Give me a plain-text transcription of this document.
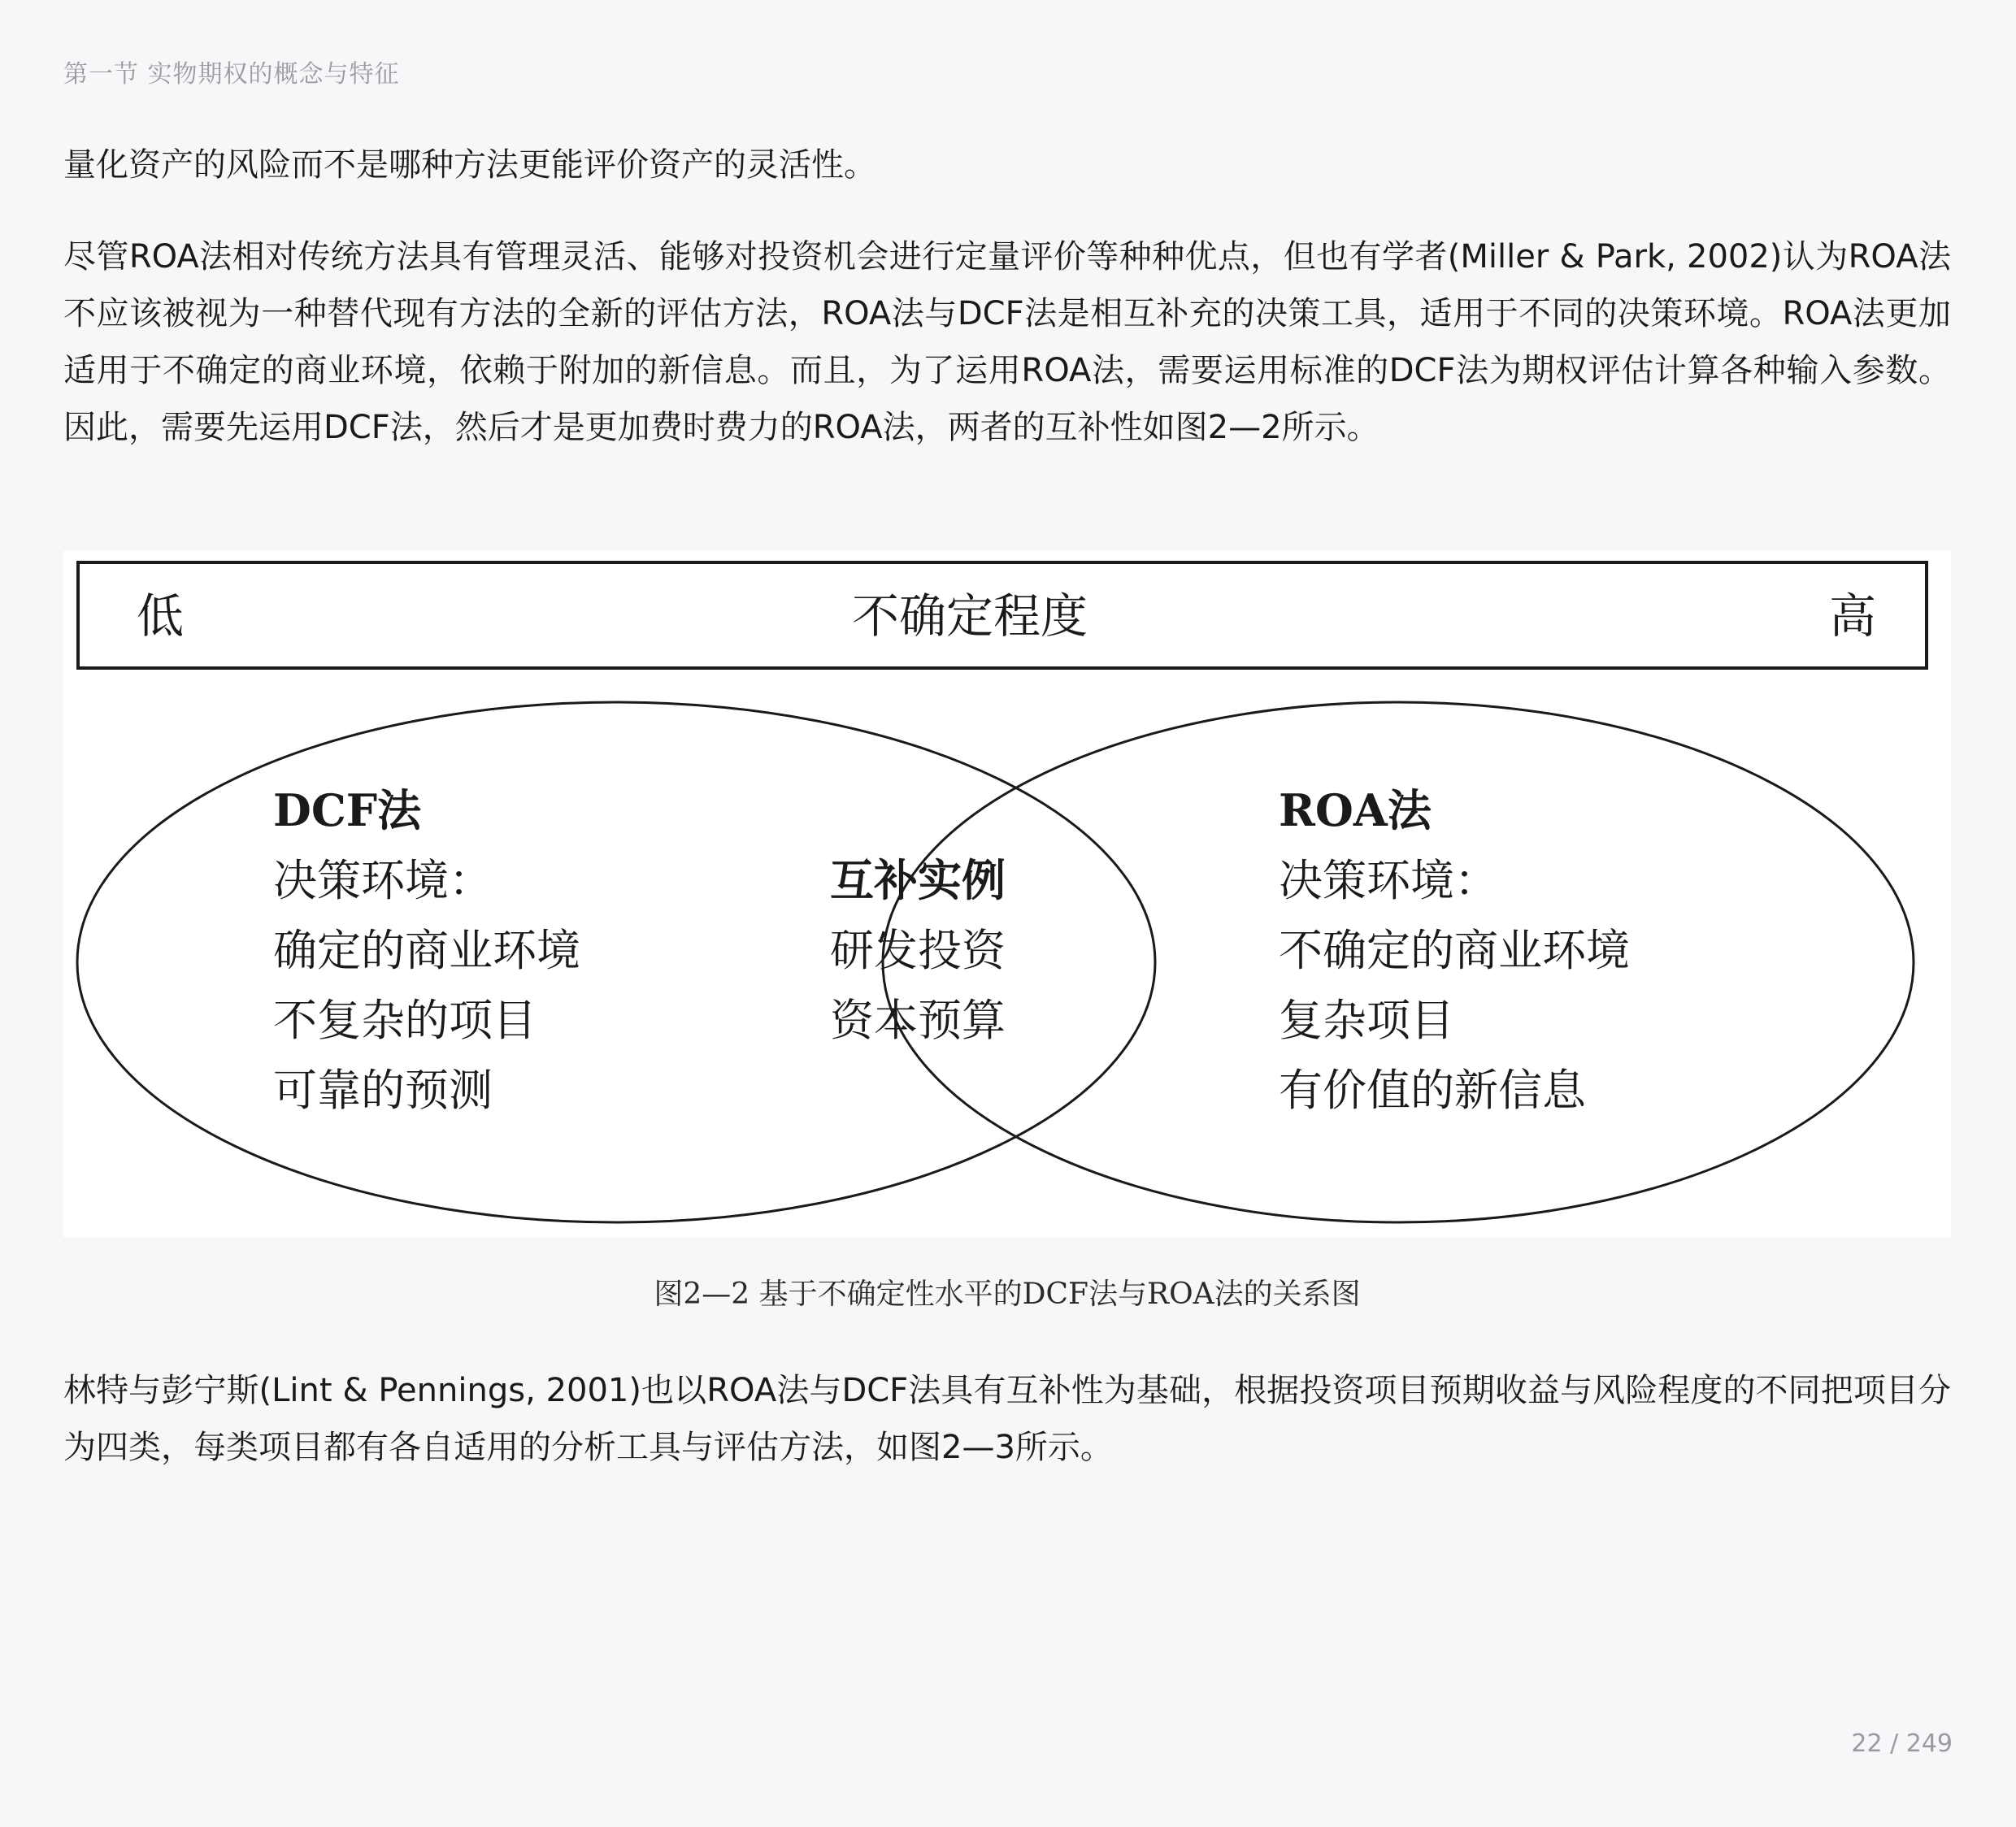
第一节 实物期权的概念与特征

量化资产的风险而不是哪种方法更能评价资产的灵活性。

尽管ROA法相对传统方法具有管理灵活、能够对投资机会进行定量评价等种种优点，但也有学者(Miller & Park, 2002)认为ROA法不应该被视为一种替代现有方法的全新的评估方法，ROA法与DCF法是相互补充的决策工具，适用于不同的决策环境。ROA法更加适用于不确定的商业环境，依赖于附加的新信息。而且，为了运用ROA法，需要运用标准的DCF法为期权评估计算各种输入参数。因此，需要先运用DCF法，然后才是更加费时费力的ROA法，两者的互补性如图2—2所示。

低	不确定程度	高
DCF法
决策环境：
确定的商业环境
不复杂的项目
可靠的预测
互补实例
研发投资
资本预算
ROA法
决策环境：
不确定的商业环境
复杂项目
有价值的新信息
图2—2 基于不确定性水平的DCF法与ROA法的关系图

林特与彭宁斯(Lint & Pennings, 2001)也以ROA法与DCF法具有互补性为基础，根据投资项目预期收益与风险程度的不同把项目分为四类，每类项目都有各自适用的分析工具与评估方法，如图2—3所示。

22 / 249
